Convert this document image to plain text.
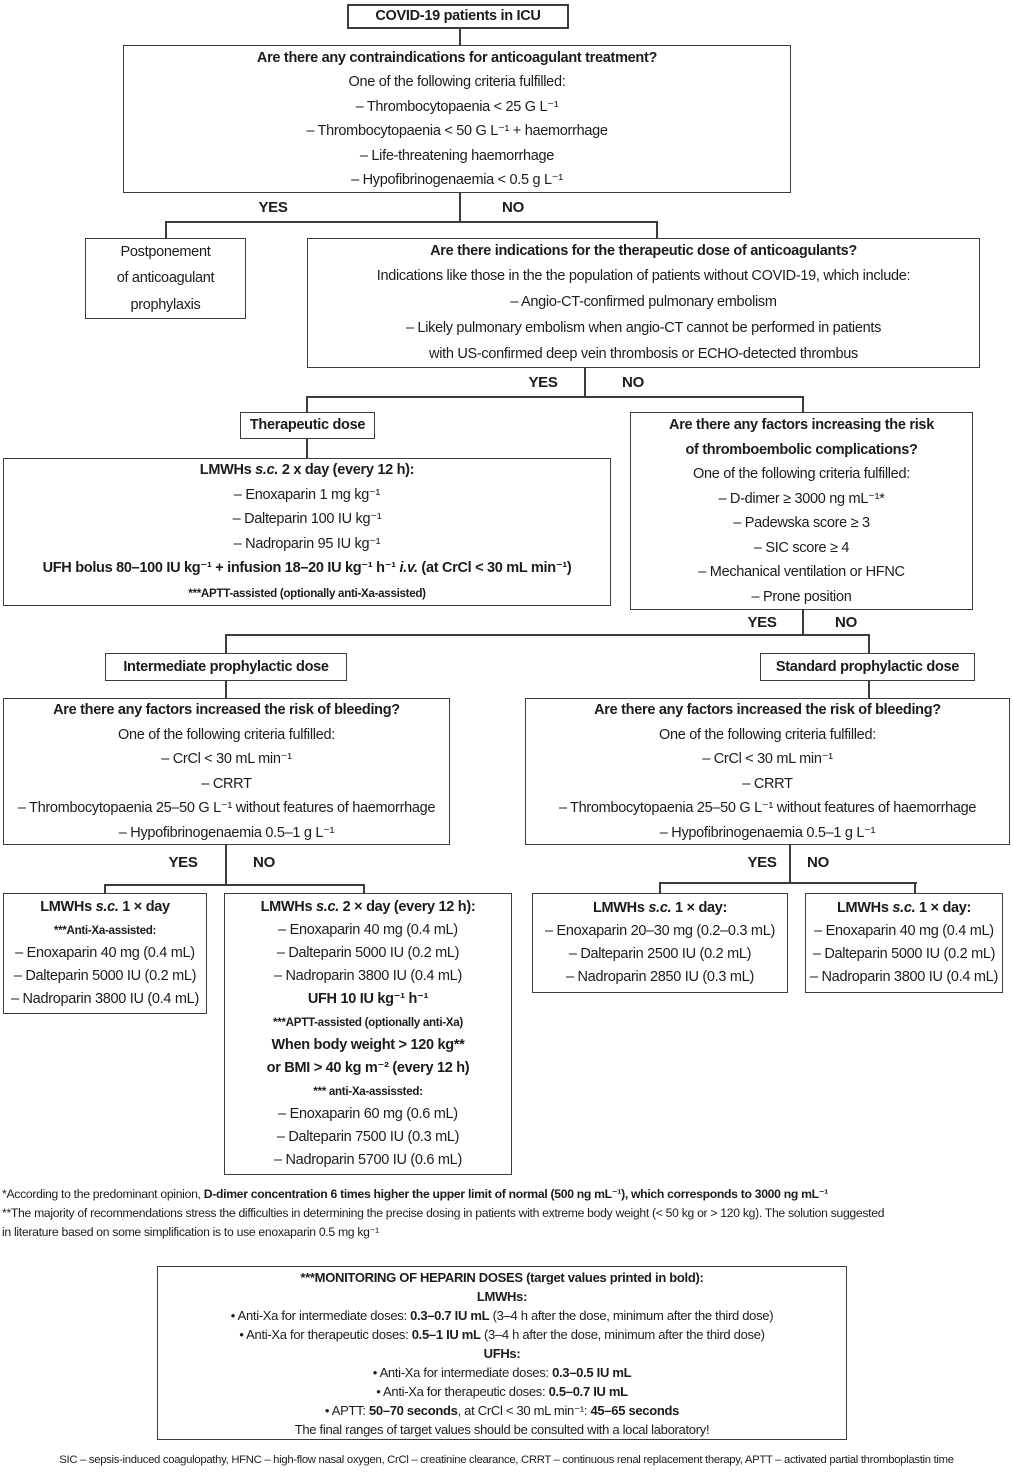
YES	NO
YES	NO
YES	NO
YES	NO	YES NO
COVID-19 patients in ICU
Are there any contraindications for anticoagulant treatment?
One of the following criteria fulfilled:
– Thrombocytopaenia < 25 G L⁻¹
– Thrombocytopaenia < 50 G L⁻¹ + haemorrhage
– Life-threatening haemorrhage
– Hypofibrinogenaemia < 0.5 g L⁻¹
Postponement
of anticoagulant
prophylaxis
Are there indications for the therapeutic dose of anticoagulants?
Indications like those in the the population of patients without COVID-19, which include:
– Angio-CT-confirmed pulmonary embolism
– Likely pulmonary embolism when angio-CT cannot be performed in patients
with US-confirmed deep vein thrombosis or ECHO-detected thrombus
Therapeutic dose
LMWHs s.c. 2 x day (every 12 h):
– Enoxaparin 1 mg kg⁻¹
– Dalteparin 100 IU kg⁻¹
– Nadroparin 95 IU kg⁻¹
UFH bolus 80–100 IU kg⁻¹ + infusion 18–20 IU kg⁻¹ h⁻¹ i.v. (at CrCl < 30 mL min⁻¹)
***APTT-assisted (optionally anti-Xa-assisted)
Are there any factors increasing the risk
of thromboembolic complications?
One of the following criteria fulfilled:
– D-dimer ≥ 3000 ng mL⁻¹*
– Padewska score ≥ 3
– SIC score ≥ 4
– Mechanical ventilation or HFNC
– Prone position
Intermediate prophylactic dose	Standard prophylactic dose
Are there any factors increased the risk of bleeding?
One of the following criteria fulfilled:
– CrCl < 30 mL min⁻¹
– CRRT
– Thrombocytopaenia 25–50 G L⁻¹ without features of haemorrhage
– Hypofibrinogenaemia 0.5–1 g L⁻¹
Are there any factors increased the risk of bleeding?
One of the following criteria fulfilled:
– CrCl < 30 mL min⁻¹
– CRRT
– Thrombocytopaenia 25–50 G L⁻¹ without features of haemorrhage
– Hypofibrinogenaemia 0.5–1 g L⁻¹
LMWHs s.c. 1 × day
***Anti-Xa-assisted:
– Enoxaparin 40 mg (0.4 mL)
– Dalteparin 5000 IU (0.2 mL)
– Nadroparin 3800 IU (0.4 mL)
LMWHs s.c. 2 × day (every 12 h):
– Enoxaparin 40 mg (0.4 mL)
– Dalteparin 5000 IU (0.2 mL)
– Nadroparin 3800 IU (0.4 mL)
UFH 10 IU kg⁻¹ h⁻¹
***APTT-assisted (optionally anti-Xa)
When body weight > 120 kg**
or BMI > 40 kg m⁻² (every 12 h)
*** anti-Xa-assissted:
– Enoxaparin 60 mg (0.6 mL)
– Dalteparin 7500 IU (0.3 mL)
– Nadroparin 5700 IU (0.6 mL)
LMWHs s.c. 1 × day:
– Enoxaparin 20–30 mg (0.2–0.3 mL)
– Dalteparin 2500 IU (0.2 mL)
– Nadroparin 2850 IU (0.3 mL)
LMWHs s.c. 1 × day:
– Enoxaparin 40 mg (0.4 mL)
– Dalteparin 5000 IU (0.2 mL)
– Nadroparin 3800 IU (0.4 mL)
*According to the predominant opinion, D-dimer concentration 6 times higher the upper limit of normal (500 ng mL⁻¹), which corresponds to 3000 ng mL⁻¹
**The majority of recommendations stress the difficulties in determining the precise dosing in patients with extreme body weight (< 50 kg or > 120 kg). The solution suggested
in literature based on some simplification is to use enoxaparin 0.5 mg kg⁻¹
***MONITORING OF HEPARIN DOSES (target values printed in bold):
LMWHs:
• Anti-Xa for intermediate doses: 0.3–0.7 IU mL (3–4 h after the dose, minimum after the third dose)
• Anti-Xa for therapeutic doses: 0.5–1 IU mL (3–4 h after the dose, minimum after the third dose)
UFHs:
• Anti-Xa for intermediate doses: 0.3–0.5 IU mL
• Anti-Xa for therapeutic doses: 0.5–0.7 IU mL
• APTT: 50–70 seconds, at CrCl < 30 mL min⁻¹: 45–65 seconds
The final ranges of target values should be consulted with a local laboratory!
SIC – sepsis-induced coagulopathy, HFNC – high-flow nasal oxygen, CrCl – creatinine clearance, CRRT – continuous renal replacement therapy, APTT – activated partial thromboplastin time
